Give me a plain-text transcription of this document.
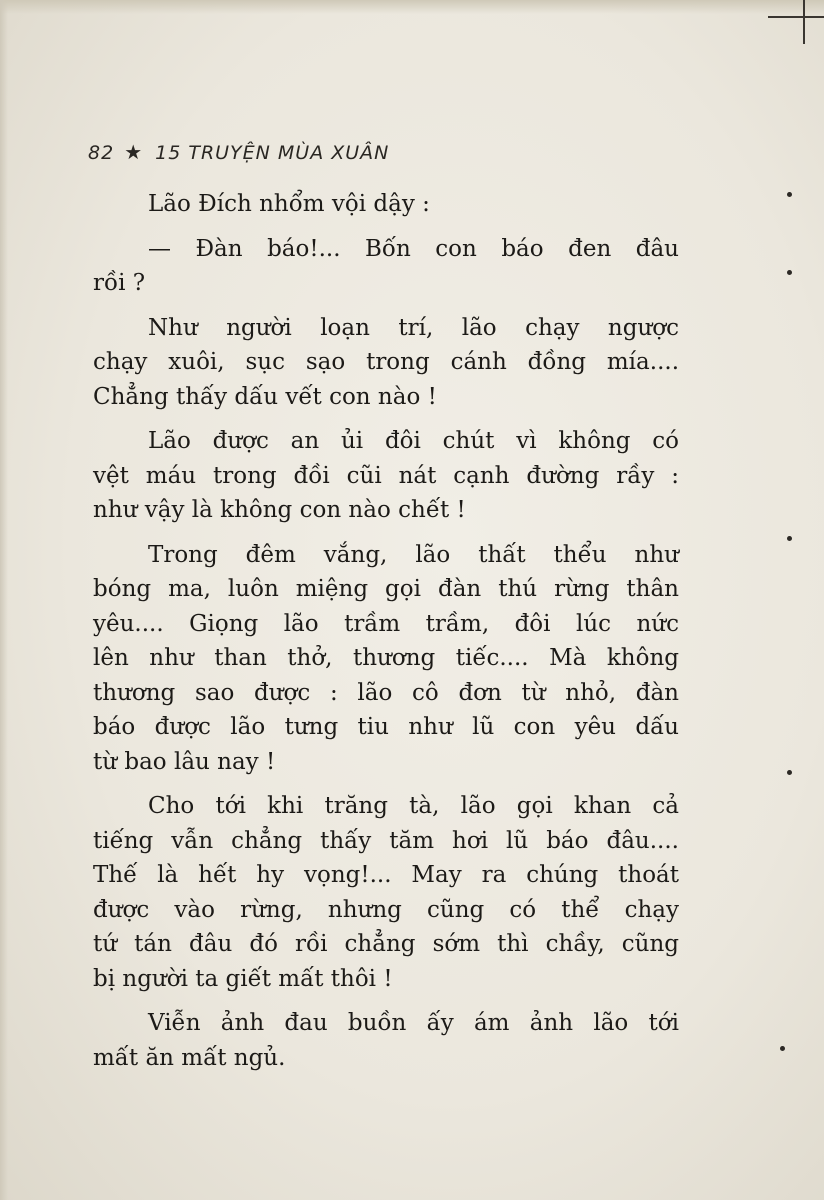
82 ★ 15 TRUYỆN MÙA XUÂN
Lão Đích nhổm vội dậy :
— Đàn báo!... Bốn con báo đen đâu
rồi ?
Như người loạn trí, lão chạy ngược
chạy xuôi, sục sạo trong cánh đồng mía....
Chẳng thấy dấu vết con nào !
Lão được an ủi đôi chút vì không có
vệt máu trong đồi cũi nát cạnh đường rầy :
như vậy là không con nào chết !
Trong đêm vắng, lão thất thểu như
bóng ma, luôn miệng gọi đàn thú rừng thân
yêu.... Giọng lão trầm trầm, đôi lúc nức
lên như than thở, thương tiếc.... Mà không
thương sao được : lão cô đơn từ nhỏ, đàn
báo được lão tưng tiu như lũ con yêu dấu
từ bao lâu nay !
Cho tới khi trăng tà, lão gọi khan cả
tiếng vẫn chẳng thấy tăm hơi lũ báo đâu....
Thế là hết hy vọng!... May ra chúng thoát
được vào rừng, nhưng cũng có thể chạy
tứ tán đâu đó rồi chẳng sớm thì chầy, cũng
bị người ta giết mất thôi !
Viễn ảnh đau buồn ấy ám ảnh lão tới
mất ăn mất ngủ.
